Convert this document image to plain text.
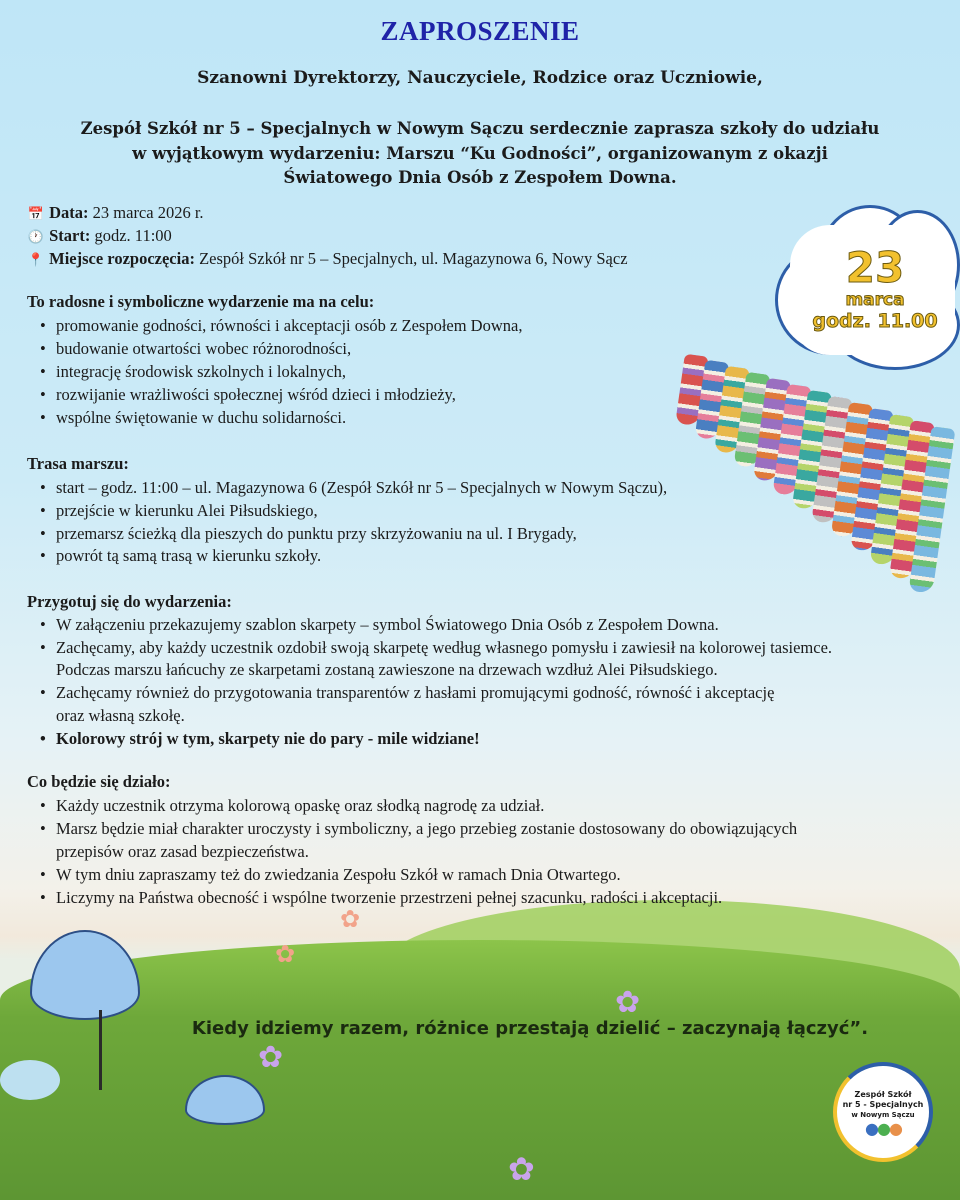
ZAPROSZENIE
Szanowni Dyrektorzy, Nauczyciele, Rodzice oraz Uczniowie,
Zespół Szkół nr 5 – Specjalnych w Nowym Sączu serdecznie zaprasza szkoły do udziału
w wyjątkowym wydarzeniu: Marszu “Ku Godności”, organizowanym z okazji
Światowego Dnia Osób z Zespołem Downa.
📅 Data: 23 marca 2026 r.
🕐 Start: godz. 11:00
📍 Miejsce rozpoczęcia: Zespół Szkół nr 5 – Specjalnych, ul. Magazynowa 6, Nowy Sącz
To radosne i symboliczne wydarzenie ma na celu:
• promowanie godności, równości i akceptacji osób z Zespołem Downa,
• budowanie otwartości wobec różnorodności,
• integrację środowisk szkolnych i lokalnych,
• rozwijanie wrażliwości społecznej wśród dzieci i młodzieży,
• wspólne świętowanie w duchu solidarności.
Trasa marszu:
• start – godz. 11:00 – ul. Magazynowa 6 (Zespół Szkół nr 5 – Specjalnych w Nowym Sączu),
• przejście w kierunku Alei Piłsudskiego,
• przemarsz ścieżką dla pieszych do punktu przy skrzyżowaniu na ul. I Brygady,
• powrót tą samą trasą w kierunku szkoły.
Przygotuj się do wydarzenia:
• W załączeniu przekazujemy szablon skarpety – symbol Światowego Dnia Osób z Zespołem Downa.
• Zachęcamy, aby każdy uczestnik ozdobił swoją skarpetę według własnego pomysłu i zawiesił na kolorowej tasiemce.
Podczas marszu łańcuchy ze skarpetami zostaną zawieszone na drzewach wzdłuż Alei Piłsudskiego.
• Zachęcamy również do przygotowania transparentów z hasłami promującymi godność, równość i akceptację
oraz własną szkołę.
• Kolorowy strój w tym, skarpety nie do pary - mile widziane!
Co będzie się działo:
• Każdy uczestnik otrzyma kolorową opaskę oraz słodką nagrodę za udział.
• Marsz będzie miał charakter uroczysty i symboliczny, a jego przebieg zostanie dostosowany do obowiązujących
przepisów oraz zasad bezpieczeństwa.
• W tym dniu zapraszamy też do zwiedzania Zespołu Szkół w ramach Dnia Otwartego.
• Liczymy na Państwa obecność i wspólne tworzenie przestrzeni pełnej szacunku, radości i akceptacji.
23
marca
godz. 11.00
✿
✿
✿
✿
✿
Kiedy idziemy razem, różnice przestają dzielić – zaczynają łączyć”.
Zespół Szkół
nr 5 - Specjalnych
w Nowym Sączu
●●●
